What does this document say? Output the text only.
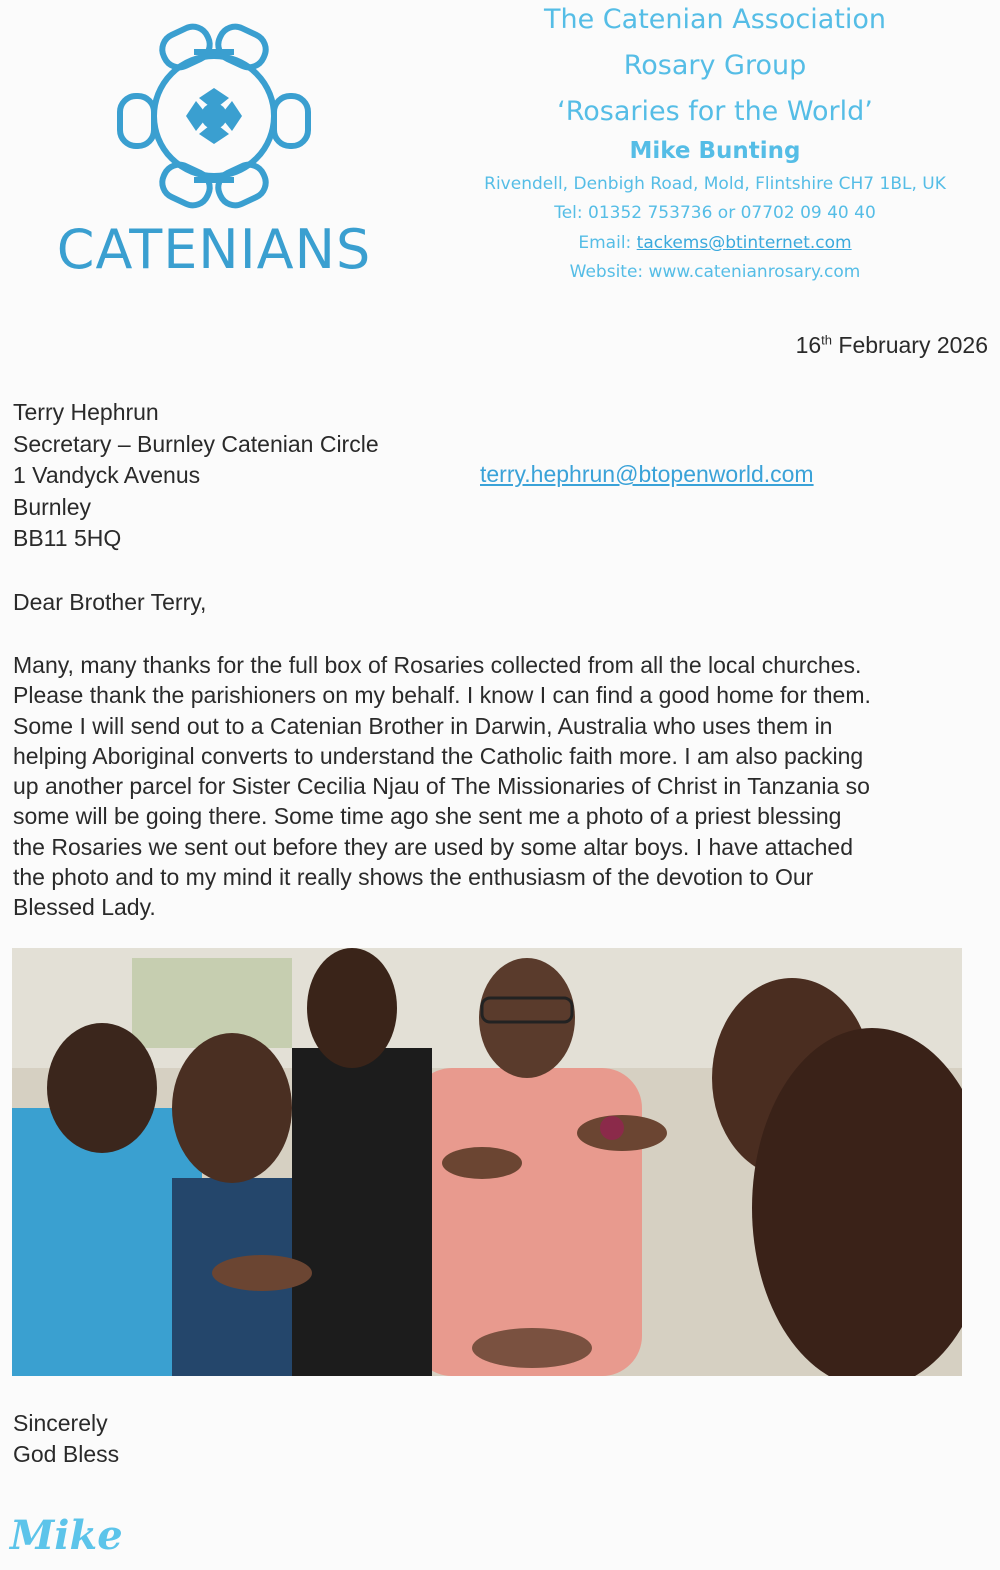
CATENIANS
The Catenian Association
Rosary Group
‘Rosaries for the World’
Mike Bunting
Rivendell, Denbigh Road, Mold, Flintshire CH7 1BL, UK
Tel: 01352 753736 or 07702 09 40 40
Email: tackems@btinternet.com
Website: www.catenianrosary.com
16th February 2026
Terry Hephrun
Secretary – Burnley Catenian Circle
1 Vandyck Avenus
Burnley
BB11 5HQ
terry.hephrun@btopenworld.com
Dear Brother Terry,

Many, many thanks for the full box of Rosaries collected from all the local churches.

Please thank the parishioners on my behalf. I know I can find a good home for them.

Some I will send out to a Catenian Brother in Darwin, Australia who uses them in

helping Aboriginal converts to understand the Catholic faith more. I am also packing

up another parcel for Sister Cecilia Njau of The Missionaries of Christ in Tanzania so

some will be going there. Some time ago she sent me a photo of a priest blessing

the Rosaries we sent out before they are used by some altar boys. I have attached

the photo and to my mind it really shows the enthusiasm of the devotion to Our

Blessed Lady.

Sincerely
God Bless
Mike
